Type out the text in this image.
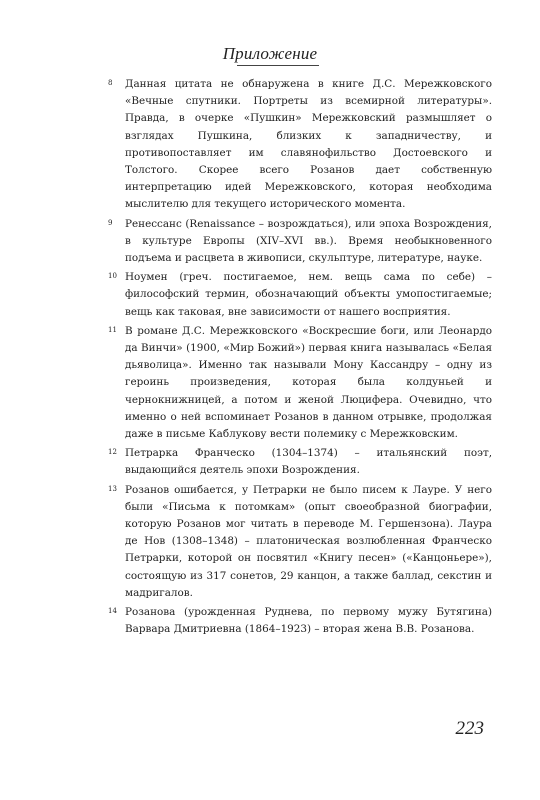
Приложение
8 Данная цитата не обнаружена в книге Д.С. Мережковского «Вечные спутники. Портреты из всемирной литературы». Правда, в очерке «Пушкин» Мережковский размышляет о взглядах Пушкина, близких к западничеству, и противопоставляет им славянофильство Достоевского и Толстого. Скорее всего Розанов дает собственную интерпретацию идей Мережковского, которая необходима мыслителю для текущего исторического момента.
9 Ренессанс (Renaissance – возрождаться), или эпоха Возрождения, в культуре Европы (XIV–XVI вв.). Время необыкновенного подъема и расцвета в живописи, скульптуре, литературе, науке.
10 Ноумен (греч. постигаемое, нем. вещь сама по себе) – философский термин, обозначающий объекты умопостигаемые; вещь как таковая, вне зависимости от нашего восприятия.
11 В романе Д.С. Мережковского «Воскресшие боги, или Леонардо да Винчи» (1900, «Мир Божий») первая книга называлась «Белая дьяволица». Именно так называли Мону Кассандру – одну из героинь произведения, которая была колдуньей и чернокнижницей, а потом и женой Люцифера. Очевидно, что именно о ней вспоминает Розанов в данном отрывке, продолжая даже в письме Каблукову вести полемику с Мережковским.
12 Петрарка Франческо (1304–1374) – итальянский поэт, выдающийся деятель эпохи Возрождения.
13 Розанов ошибается, у Петрарки не было писем к Лауре. У него были «Письма к потомкам» (опыт своеобразной биографии, которую Розанов мог читать в переводе М. Гершензона). Лаура де Нов (1308–1348) – платоническая возлюбленная Франческо Петрарки, которой он посвятил «Книгу песен» («Канцоньере»), состоящую из 317 сонетов, 29 канцон, а также баллад, секстин и мадригалов.
14 Розанова (урожденная Руднева, по первому мужу Бутягина) Варвара Дмитриевна (1864–1923) – вторая жена В.В. Розанова.
223
